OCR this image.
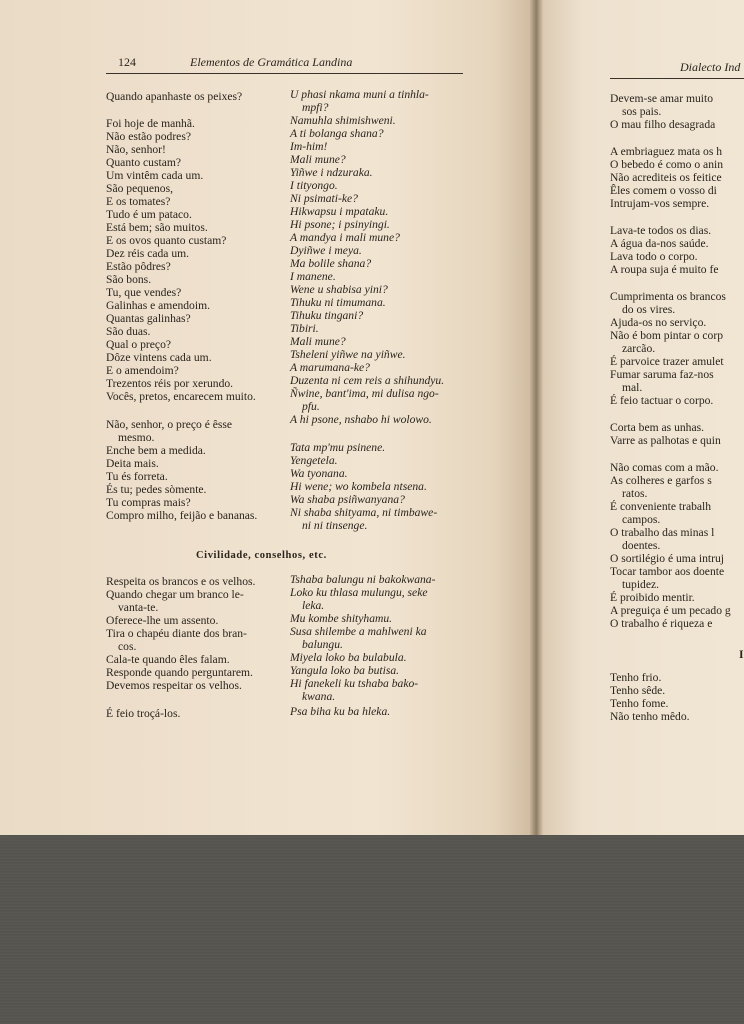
124	Elementos de Gramática Landina
Quando apanhaste os peixes?
Foi hoje de manhã.
Não estão podres?
Não, senhor!
Quanto custam?
Um vintêm cada um.
São pequenos,
E os tomates?
Tudo é um pataco.
Está bem; são muitos.
E os ovos quanto custam?
Dez réis cada um.
Estão pôdres?
São bons.
Tu, que vendes?
Galinhas e amendoim.
Quantas galinhas?
São duas.
Qual o preço?
Dôze vintens cada um.
E o amendoim?
Trezentos réis por xerundo.
Vocês, pretos, encarecem muito.
Não, senhor, o preço é êsse
mesmo.
Enche bem a medida.
Deita mais.
Tu és forreta.
És tu; pedes sòmente.
Tu compras mais?
Compro milho, feijão e bananas.
Respeita os brancos e os velhos.
Quando chegar um branco le-
vanta-te.
Oferece-lhe um assento.
Tira o chapéu diante dos bran-
cos.
Cala-te quando êles falam.
Responde quando perguntarem.
Devemos respeitar os velhos.
É feio troçá-los.
U phasi nkama muni a tinhla-
mpfi?
Namuhla shimishweni.
A ti bolanga shana?
Im-him!
Mali mune?
Yiñwe i ndzuraka.
I tityongo.
Ni psimati-ke?
Hikwapsu i mpataku.
Hi psone; i psinyingi.
A mandya i mali mune?
Dyiñwe i meya.
Ma bolile shana?
I manene.
Wene u shabisa yini?
Tihuku ni timumana.
Tihuku tingani?
Tibiri.
Mali mune?
Tsheleni yiñwe na yiñwe.
A marumana-ke?
Duzenta ni cem reis a shihundyu.
Ñwine, bant'ima, mi dulisa ngo-
pfu.
A hi psone, nshabo hi wolowo.
Tata mp'mu psinene.
Yengetela.
Wa tyonana.
Hi wene; wo kombela ntsena.
Wa shaba psiñwanyana?
Ni shaba shityama, ni timbawe-
ni ni tinsenge.
Tshaba balungu ni bakokwana-
Loko ku thlasa mulungu, seke
leka.
Mu kombe shityhamu.
Susa shilembe a mahlweni ka
balungu.
Miyela loko ba bulabula.
Yangula loko ba butisa.
Hi fanekeli ku tshaba bako-
kwana.
Psa biha ku ba hleka.
Civilidade, conselhos, etc.
Dialecto Ind
Devem-se amar muito
sos pais.
O mau filho desagrada
A embriaguez mata os h
O bebedo é como o anin
Não acrediteis os feitice
Êles comem o vosso di
Intrujam-vos sempre.
Lava-te todos os dias.
A água da-nos saúde.
Lava todo o corpo.
A roupa suja é muito fe
Cumprimenta os brancos
do os vires.
Ajuda-os no serviço.
Não é bom pintar o corp
zarcão.
É parvoice trazer amulet
Fumar saruma faz-nos
mal.
É feio tactuar o corpo.
Corta bem as unhas.
Varre as palhotas e quin
Não comas com a mão.
As colheres e garfos s
ratos.
É conveniente trabalh
campos.
O trabalho das minas l
doentes.
O sortilégio é uma intruj
Tocar tambor aos doente
tupidez.
É proibido mentir.
A preguiça é um pecado g
O trabalho é riqueza e
Tenho frio.
Tenho sêde.
Tenho fome.
Não tenho mêdo.
I
